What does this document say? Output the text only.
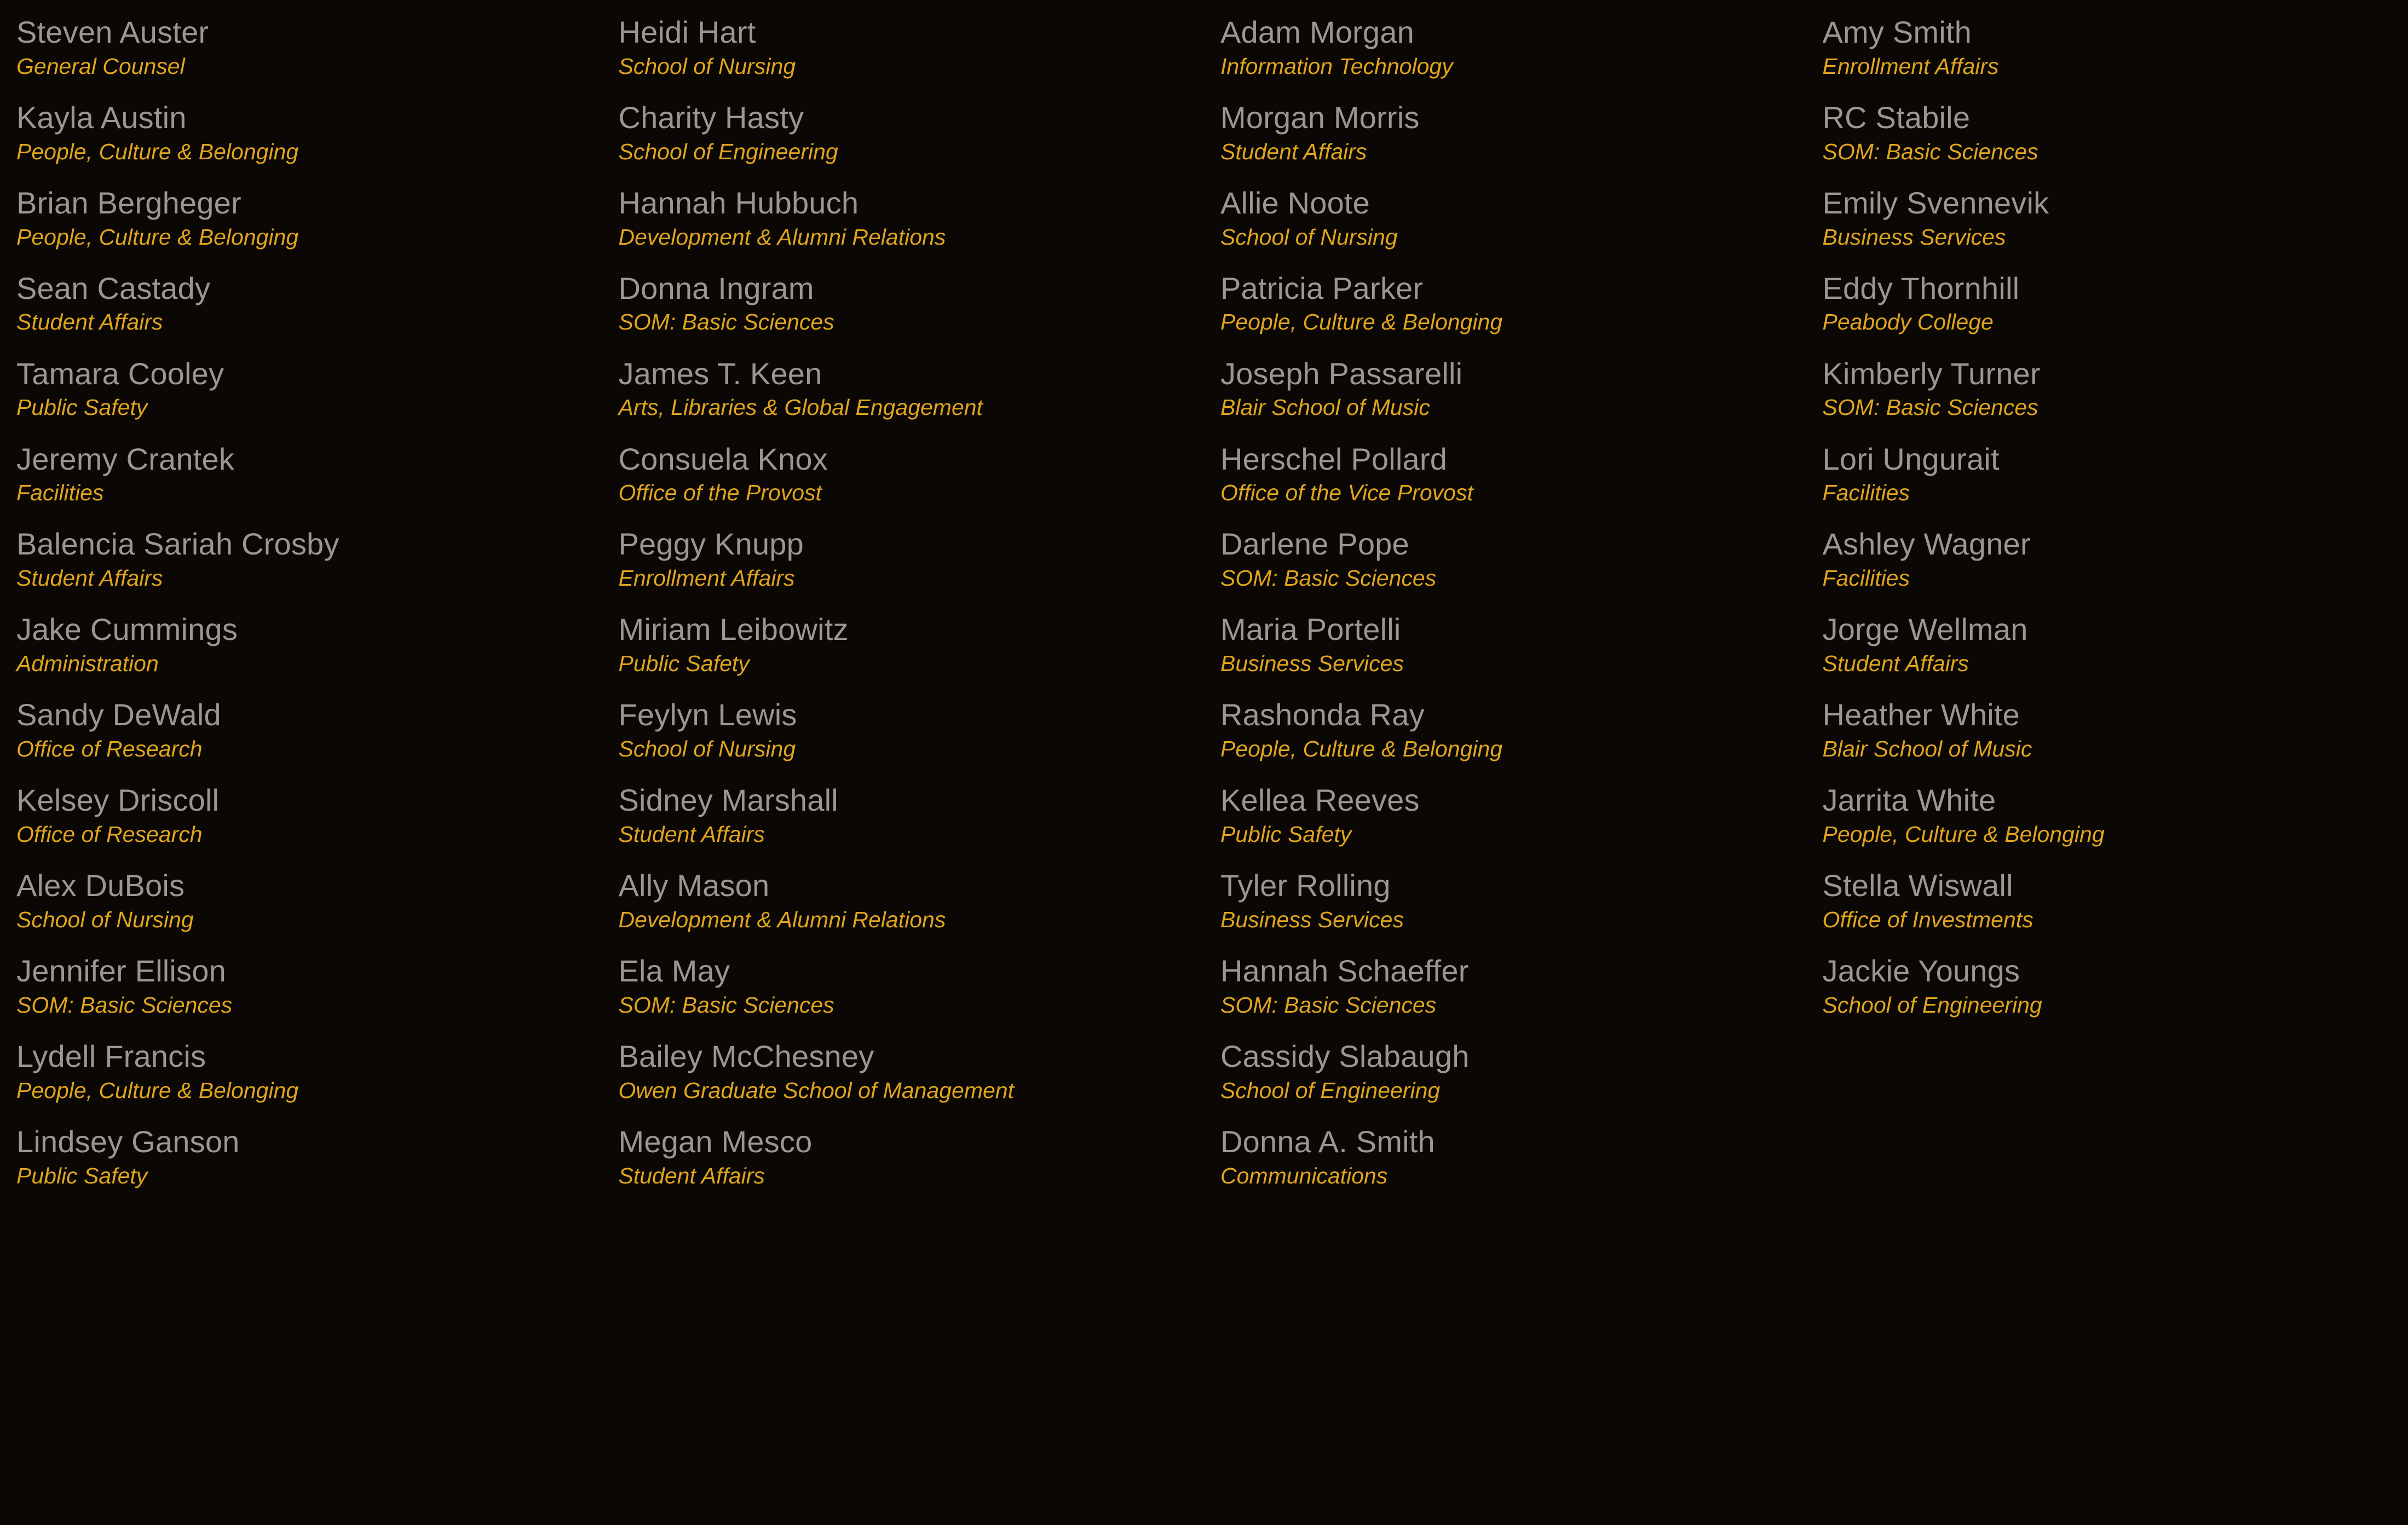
Steven Auster
General Counsel
Kayla Austin
People, Culture & Belonging
Brian Bergheger
People, Culture & Belonging
Sean Castady
Student Affairs
Tamara Cooley
Public Safety
Jeremy Crantek
Facilities
Balencia Sariah Crosby
Student Affairs
Jake Cummings
Administration
Sandy DeWald
Office of Research
Kelsey Driscoll
Office of Research
Alex DuBois
School of Nursing
Jennifer Ellison
SOM: Basic Sciences
Lydell Francis
People, Culture & Belonging
Lindsey Ganson
Public Safety
Heidi Hart
School of Nursing
Charity Hasty
School of Engineering
Hannah Hubbuch
Development & Alumni Relations
Donna Ingram
SOM: Basic Sciences
James T. Keen
Arts, Libraries & Global Engagement
Consuela Knox
Office of the Provost
Peggy Knupp
Enrollment Affairs
Miriam Leibowitz
Public Safety
Feylyn Lewis
School of Nursing
Sidney Marshall
Student Affairs
Ally Mason
Development & Alumni Relations
Ela May
SOM: Basic Sciences
Bailey McChesney
Owen Graduate School of Management
Megan Mesco
Student Affairs
Adam Morgan
Information Technology
Morgan Morris
Student Affairs
Allie Noote
School of Nursing
Patricia Parker
People, Culture & Belonging
Joseph Passarelli
Blair School of Music
Herschel Pollard
Office of the Vice Provost
Darlene Pope
SOM: Basic Sciences
Maria Portelli
Business Services
Rashonda Ray
People, Culture & Belonging
Kellea Reeves
Public Safety
Tyler Rolling
Business Services
Hannah Schaeffer
SOM: Basic Sciences
Cassidy Slabaugh
School of Engineering
Donna A. Smith
Communications
Amy Smith
Enrollment Affairs
RC Stabile
SOM: Basic Sciences
Emily Svennevik
Business Services
Eddy Thornhill
Peabody College
Kimberly Turner
SOM: Basic Sciences
Lori Ungurait
Facilities
Ashley Wagner
Facilities
Jorge Wellman
Student Affairs
Heather White
Blair School of Music
Jarrita White
People, Culture & Belonging
Stella Wiswall
Office of Investments
Jackie Youngs
School of Engineering
